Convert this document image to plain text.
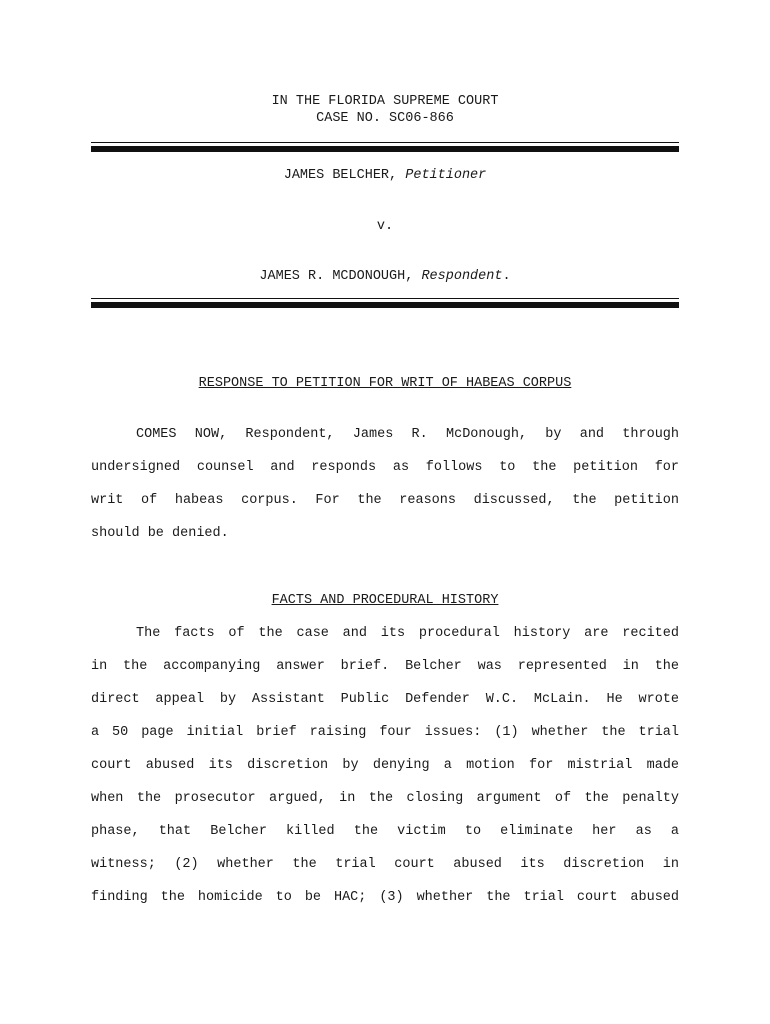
IN THE FLORIDA SUPREME COURT
CASE NO. SC06-866
JAMES BELCHER, Petitioner
v.
JAMES R. MCDONOUGH, Respondent.
RESPONSE TO PETITION FOR WRIT OF HABEAS CORPUS
COMES NOW, Respondent, James R. McDonough, by and through
undersigned counsel and responds as follows to the petition for
writ of habeas corpus. For the reasons discussed, the petition
should be denied.
FACTS AND PROCEDURAL HISTORY
The facts of the case and its procedural history are recited
in the accompanying answer brief. Belcher was represented in the
direct appeal by Assistant Public Defender W.C. McLain. He wrote
a 50 page initial brief raising four issues: (1) whether the trial
court abused its discretion by denying a motion for mistrial made
when the prosecutor argued, in the closing argument of the penalty
phase, that Belcher killed the victim to eliminate her as a
witness; (2) whether the trial court abused its discretion in
finding the homicide to be HAC; (3) whether the trial court abused
